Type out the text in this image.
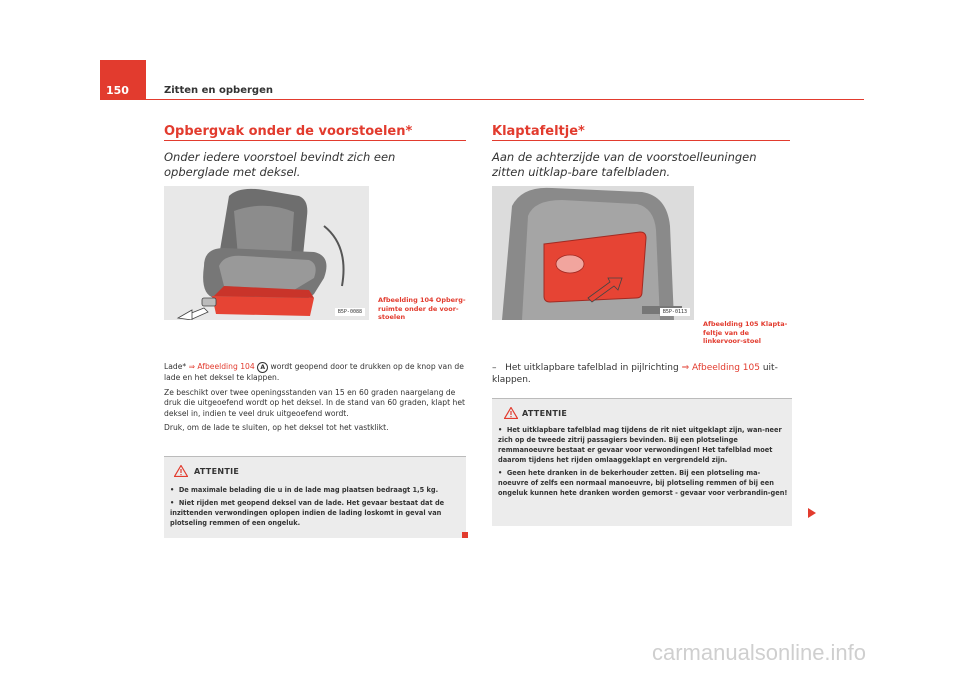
150	Zitten en opbergen
Opbergvak onder de voorstoelen*
Onder iedere voorstoel bevindt zich een opberglade met deksel.
B5P-0088
Afbeelding 104 Opberg-ruimte onder de voor-stoelen

Lade* ⇒ Afbeelding 104 A wordt geopend door te drukken op de knop van de lade en het deksel te klappen.

Ze beschikt over twee openingsstanden van 15 en 60 graden naargelang de druk die uitgeoefend wordt op het deksel. In de stand van 60 graden, klapt het deksel in, indien te veel druk uitgeoefend wordt.

Druk, om de lade te sluiten, op het deksel tot het vastklikt.

ATTENTIE

•  De maximale belading die u in de lade mag plaatsen bedraagt 1,5 kg.

•  Niet rijden met geopend deksel van de lade. Het gevaar bestaat dat de inzittenden verwondingen oplopen indien de lading loskomt in geval van plotseling remmen of een ongeluk.

Klaptafeltje*
Aan de achterzijde van de voorstoelleuningen zitten uitklap-bare tafelbladen.
B5P-0113
Afbeelding 105 Klapta-feltje van de linkervoor-stoel
– Het uitklapbare tafelblad in pijlrichting ⇒ Afbeelding 105 uit-klappen.
ATTENTIE

•  Het uitklapbare tafelblad mag tijdens de rit niet uitgeklapt zijn, wan-neer zich op de tweede zitrij passagiers bevinden. Bij een plotselinge remmanoeuvre bestaat er gevaar voor verwondingen! Het tafelblad moet daarom tijdens het rijden omlaaggeklapt en vergrendeld zijn.

•  Geen hete dranken in de bekerhouder zetten. Bij een plotseling ma-noeuvre of zelfs een normaal manoeuvre, bij plotseling remmen of bij een ongeluk kunnen hete dranken worden gemorst - gevaar voor verbrandin-gen!

carmanualsonline.info
